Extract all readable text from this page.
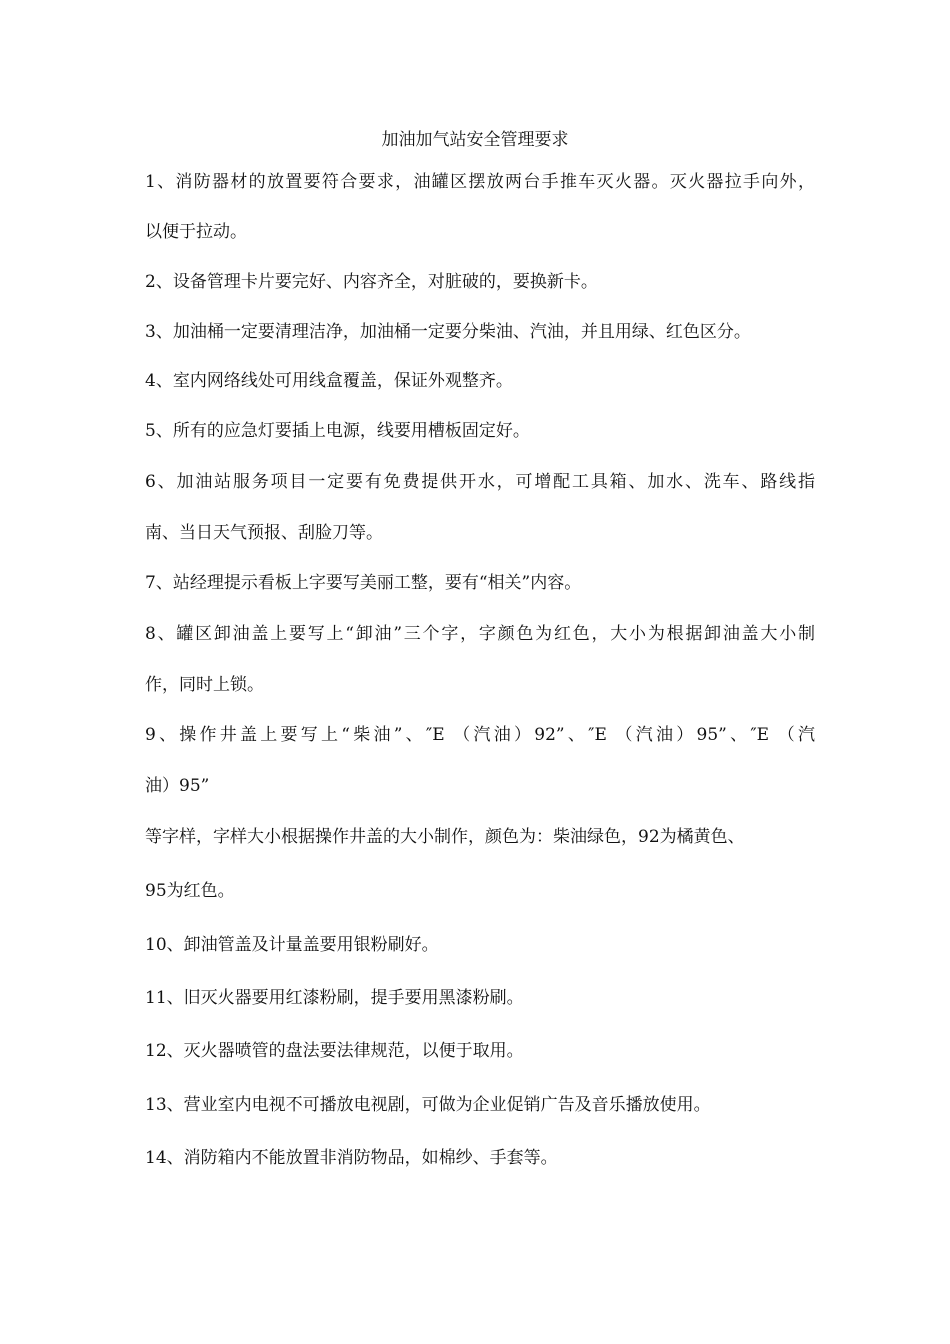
加油加气站安全管理要求
1、消防器材的放置要符合要求，油罐区摆放两台手推车灭火器。灭火器拉手向外，
以便于拉动。
2、设备管理卡片要完好、内容齐全，对脏破的，要换新卡。
3、加油桶一定要清理洁净，加油桶一定要分柴油、汽油，并且用绿、红色区分。
4、室内网络线处可用线盒覆盖，保证外观整齐。
5、所有的应急灯要插上电源，线要用槽板固定好。
6、加油站服务项目一定要有免费提供开水，可增配工具箱、加水、洗车、路线指
南、当日天气预报、刮脸刀等。
7、站经理提示看板上字要写美丽工整，要有“相关”内容。
8、罐区卸油盖上要写上“卸油”三个字，字颜色为红色，大小为根据卸油盖大小制
作，同时上锁。
9、操作井盖上要写上“柴油”、″E （汽油）92”、″E （汽油）95”、″E （汽
油）95”
等字样，字样大小根据操作井盖的大小制作，颜色为：柴油绿色，92为橘黄色、
95为红色。
10、卸油管盖及计量盖要用银粉刷好。
11、旧灭火器要用红漆粉刷，提手要用黑漆粉刷。
12、灭火器喷管的盘法要法律规范，以便于取用。
13、营业室内电视不可播放电视剧，可做为企业促销广告及音乐播放使用。
14、消防箱内不能放置非消防物品，如棉纱、手套等。
